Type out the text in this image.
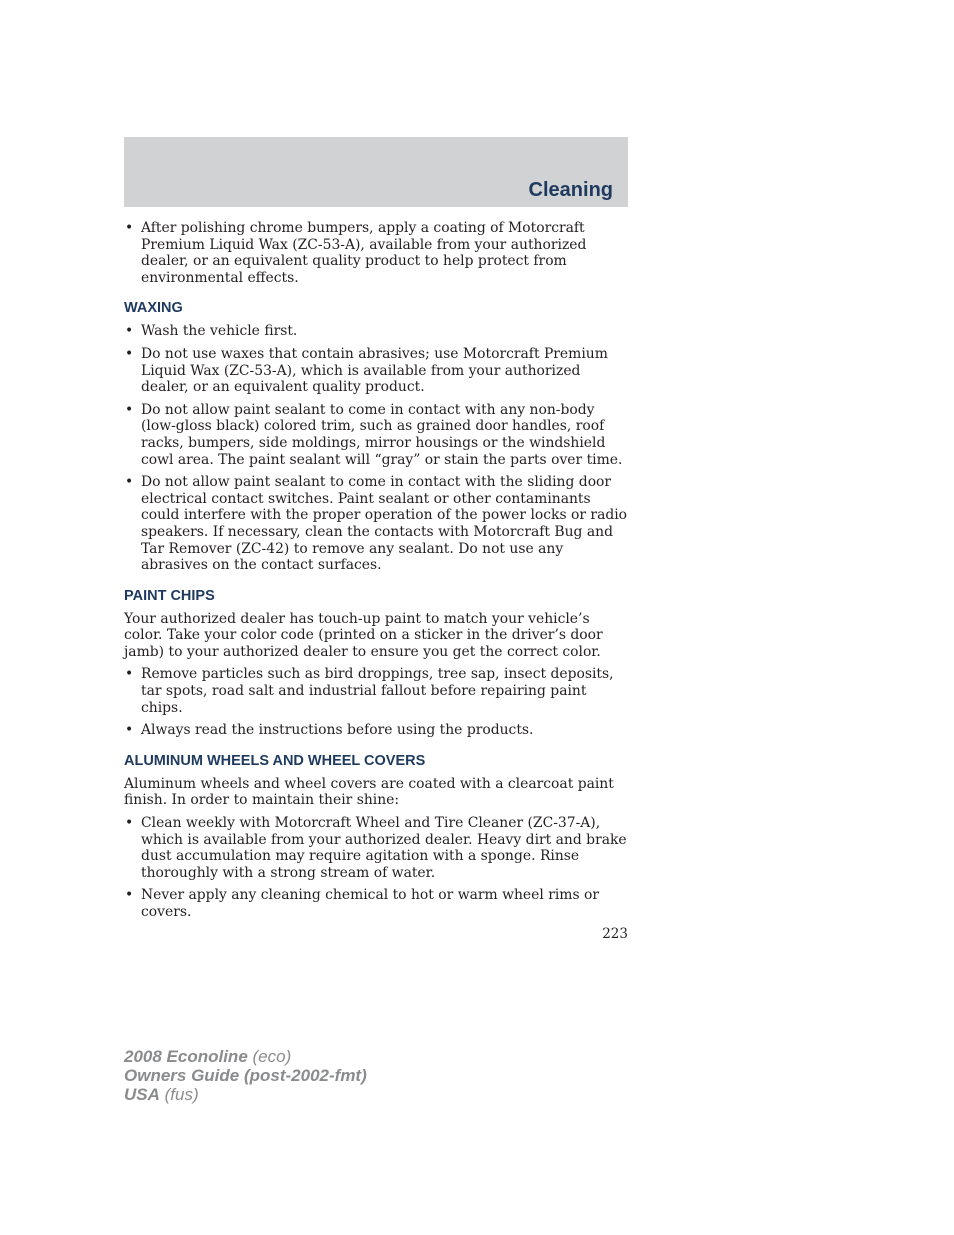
Cleaning
• After polishing chrome bumpers, apply a coating of Motorcraft Premium Liquid Wax (ZC-53-A), available from your authorized dealer, or an equivalent quality product to help protect from environmental effects.
WAXING
• Wash the vehicle first.
• Do not use waxes that contain abrasives; use Motorcraft Premium Liquid Wax (ZC-53-A), which is available from your authorized dealer, or an equivalent quality product.
• Do not allow paint sealant to come in contact with any non-body (low-gloss black) colored trim, such as grained door handles, roof racks, bumpers, side moldings, mirror housings or the windshield cowl area. The paint sealant will “gray” or stain the parts over time.
• Do not allow paint sealant to come in contact with the sliding door electrical contact switches. Paint sealant or other contaminants could interfere with the proper operation of the power locks or radio speakers. If necessary, clean the contacts with Motorcraft Bug and Tar Remover (ZC-42) to remove any sealant. Do not use any abrasives on the contact surfaces.
PAINT CHIPS
Your authorized dealer has touch-up paint to match your vehicle’s color. Take your color code (printed on a sticker in the driver’s door jamb) to your authorized dealer to ensure you get the correct color.
• Remove particles such as bird droppings, tree sap, insect deposits, tar spots, road salt and industrial fallout before repairing paint chips.
• Always read the instructions before using the products.
ALUMINUM WHEELS AND WHEEL COVERS
Aluminum wheels and wheel covers are coated with a clearcoat paint finish. In order to maintain their shine:
• Clean weekly with Motorcraft Wheel and Tire Cleaner (ZC-37-A), which is available from your authorized dealer. Heavy dirt and brake dust accumulation may require agitation with a sponge. Rinse thoroughly with a strong stream of water.
• Never apply any cleaning chemical to hot or warm wheel rims or covers.
223
2008 Econoline (eco)
Owners Guide (post-2002-fmt)
USA (fus)
